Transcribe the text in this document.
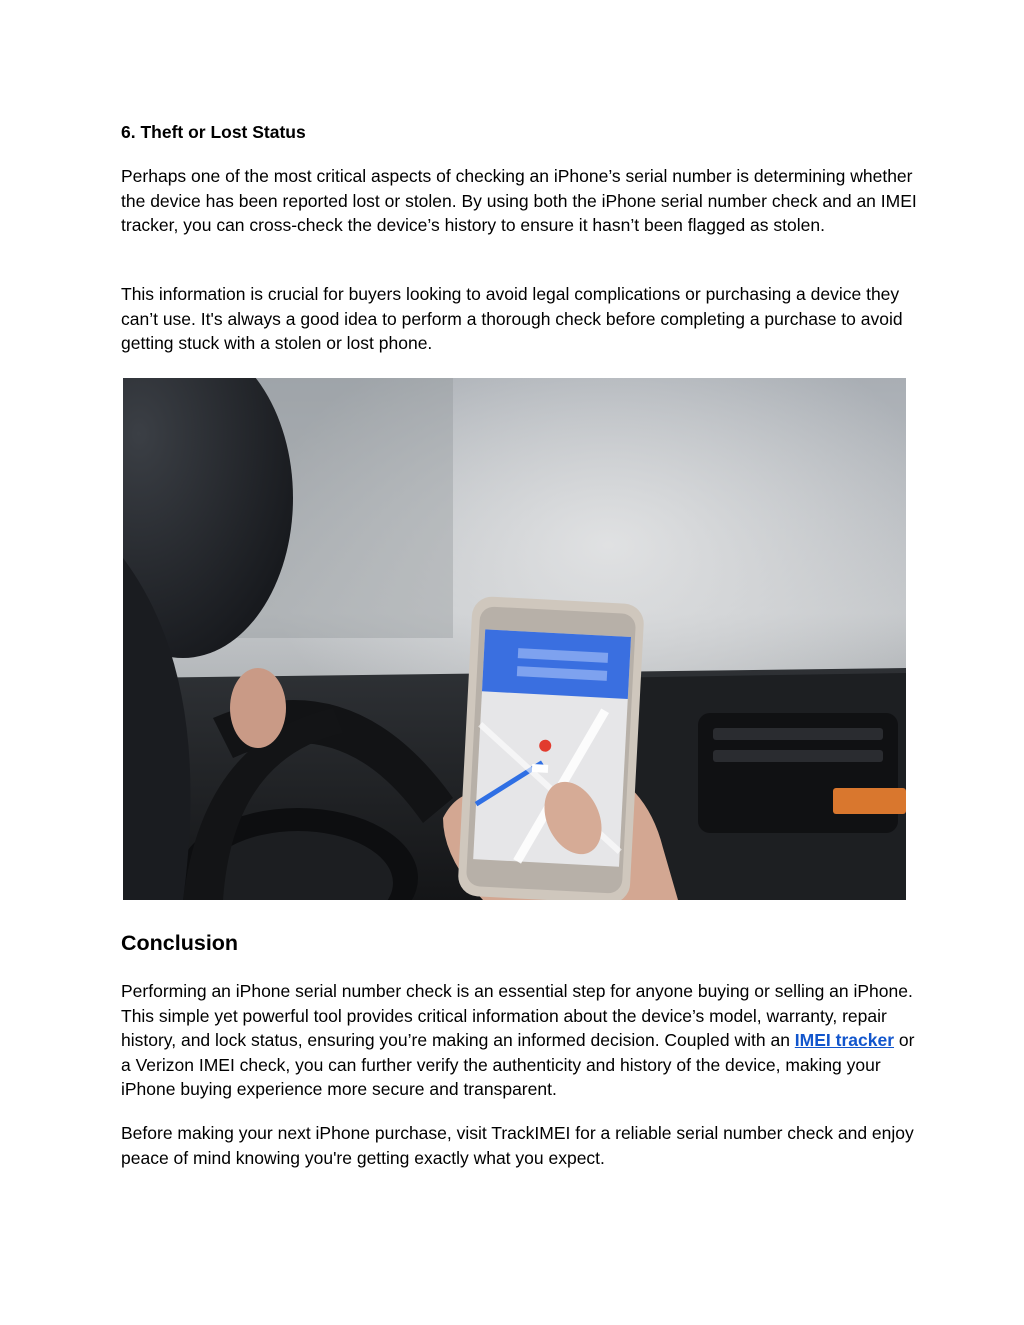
6. Theft or Lost Status

Perhaps one of the most critical aspects of checking an iPhone’s serial number is determining whether the device has been reported lost or stolen. By using both the iPhone serial number check and an IMEI tracker, you can cross-check the device’s history to ensure it hasn’t been flagged as stolen.

This information is crucial for buyers looking to avoid legal complications or purchasing a device they can’t use. It's always a good idea to perform a thorough check before completing a purchase to avoid getting stuck with a stolen or lost phone.

Conclusion

Performing an iPhone serial number check is an essential step for anyone buying or selling an iPhone. This simple yet powerful tool provides critical information about the device’s model, warranty, repair history, and lock status, ensuring you’re making an informed decision. Coupled with an IMEI tracker or a Verizon IMEI check, you can further verify the authenticity and history of the device, making your iPhone buying experience more secure and transparent.

Before making your next iPhone purchase, visit TrackIMEI for a reliable serial number check and enjoy peace of mind knowing you're getting exactly what you expect.
